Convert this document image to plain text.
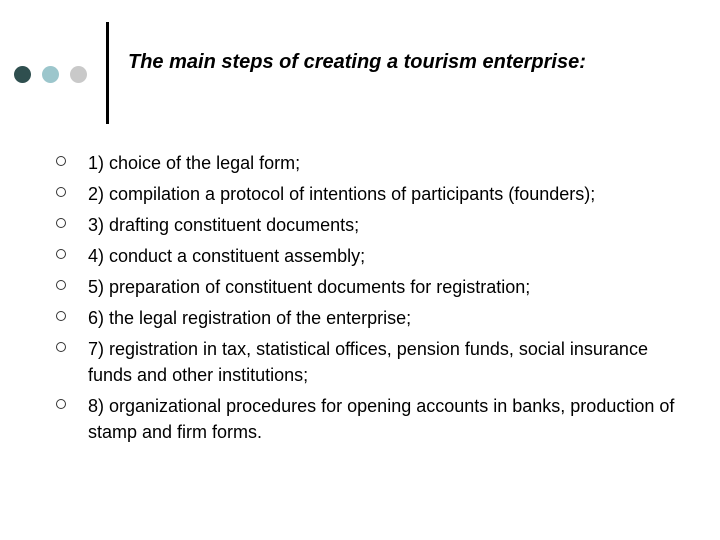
The main steps of creating a tourism enterprise:
1) choice of the legal form;
2) compilation a protocol of intentions of participants (founders);
3) drafting constituent documents;
4) conduct a constituent assembly;
5) preparation of constituent documents for registration;
6) the legal registration of the enterprise;
7) registration in tax, statistical offices, pension funds, social insurance funds and other institutions;
8) organizational procedures for opening accounts in banks, production of stamp and firm forms.
